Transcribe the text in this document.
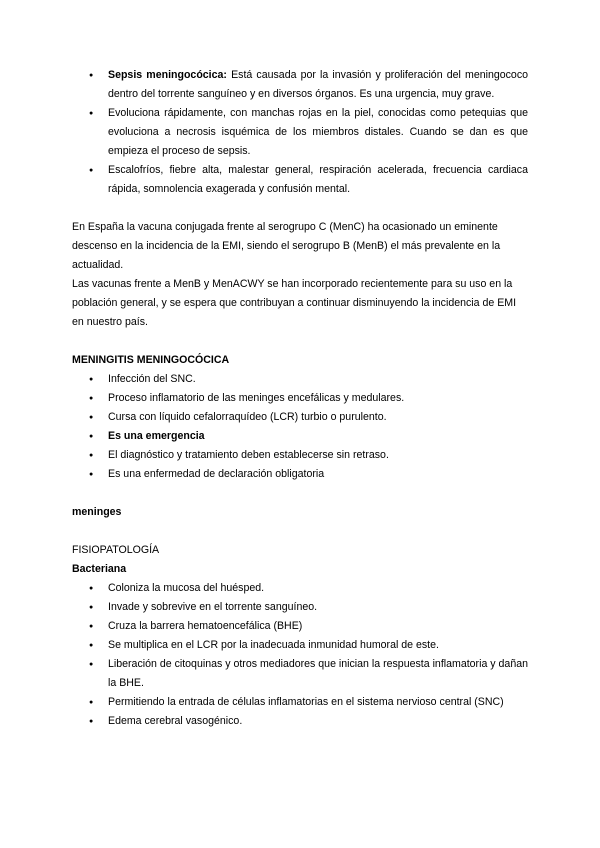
● Sepsis meningocócica: Está causada por la invasión y proliferación del meningococo dentro del torrente sanguíneo y en diversos órganos. Es una urgencia, muy grave.
● Evoluciona rápidamente, con manchas rojas en la piel, conocidas como petequias que evoluciona a necrosis isquémica de los miembros distales. Cuando se dan es que empieza el proceso de sepsis.
● Escalofríos, fiebre alta, malestar general, respiración acelerada, frecuencia cardiaca rápida, somnolencia exagerada y confusión mental.

En España la vacuna conjugada frente al serogrupo C (MenC) ha ocasionado un eminente descenso en la incidencia de la EMI, siendo el serogrupo B (MenB) el más prevalente en la actualidad.

Las vacunas frente a MenB y MenACWY se han incorporado recientemente para su uso en la población general, y se espera que contribuyan a continuar disminuyendo la incidencia de EMI en nuestro país.

MENINGITIS MENINGOCÓCICA
● Infección del SNC.
● Proceso inflamatorio de las meninges encefálicas y medulares.
● Cursa con líquido cefalorraquídeo (LCR) turbio o purulento.
● Es una emergencia
● El diagnóstico y tratamiento deben establecerse sin retraso.
● Es una enfermedad de declaración obligatoria
meninges
FISIOPATOLOGÍA
Bacteriana
● Coloniza la mucosa del huésped.
● Invade y sobrevive en el torrente sanguíneo.
● Cruza la barrera hematoencefálica (BHE)
● Se multiplica en el LCR por la inadecuada inmunidad humoral de este.
● Liberación de citoquinas y otros mediadores que inician la respuesta inflamatoria y dañan la BHE.
● Permitiendo la entrada de células inflamatorias en el sistema nervioso central (SNC)
● Edema cerebral vasogénico.
